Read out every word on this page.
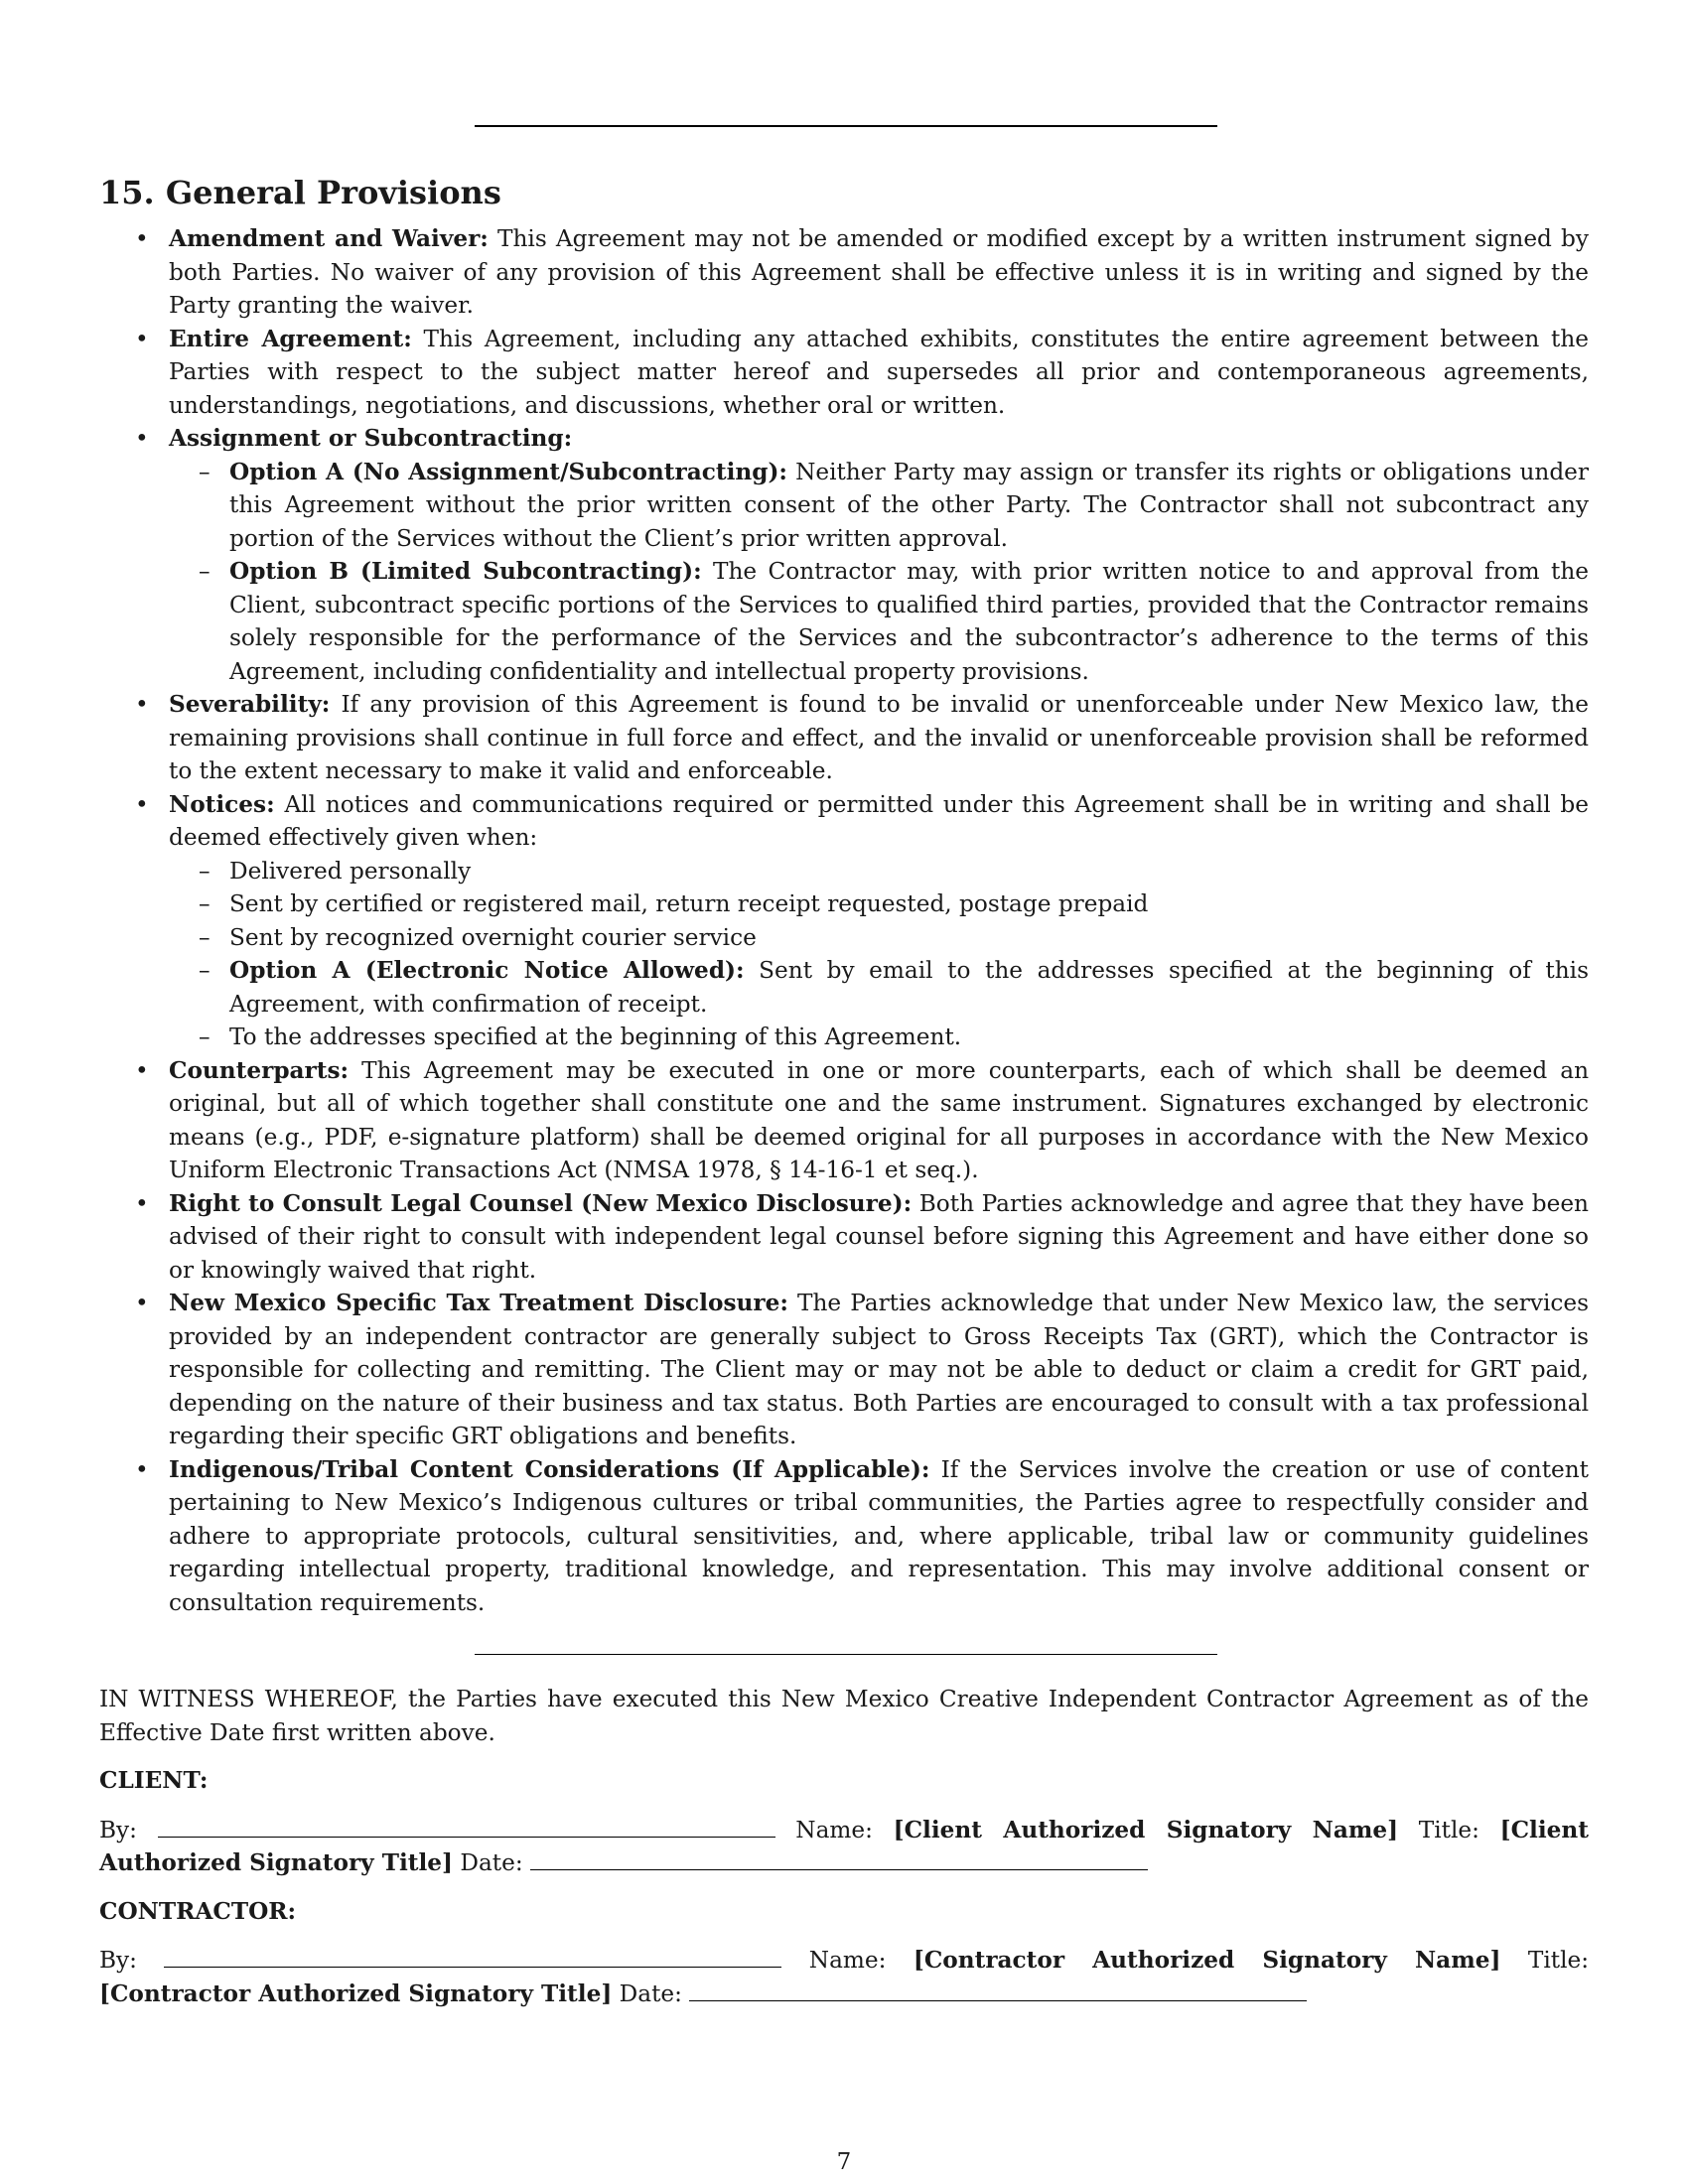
15. General Provisions
• Amendment and Waiver: This Agreement may not be amended or modified except by a written instrument signed by both Parties. No waiver of any provision of this Agreement shall be effective unless it is in writing and signed by the Party granting the waiver.
• Entire Agreement: This Agreement, including any attached exhibits, constitutes the entire agreement between the Parties with respect to the subject matter hereof and supersedes all prior and contemporaneous agreements, understandings, negotiations, and discussions, whether oral or written.
• Assignment or Subcontracting:
– Option A (No Assignment/Subcontracting): Neither Party may assign or transfer its rights or obligations under this Agreement without the prior written consent of the other Party. The Contractor shall not subcontract any portion of the Services without the Client’s prior written approval.
– Option B (Limited Subcontracting): The Contractor may, with prior written notice to and approval from the Client, subcontract specific portions of the Services to qualified third parties, provided that the Contractor remains solely responsible for the performance of the Services and the subcontractor’s adherence to the terms of this Agreement, including confidentiality and intellectual property provisions.
• Severability: If any provision of this Agreement is found to be invalid or unenforceable under New Mexico law, the remaining provisions shall continue in full force and effect, and the invalid or unenforceable provision shall be reformed to the extent necessary to make it valid and enforceable.
• Notices: All notices and communications required or permitted under this Agreement shall be in writing and shall be deemed effectively given when:
– Delivered personally
– Sent by certified or registered mail, return receipt requested, postage prepaid
– Sent by recognized overnight courier service
– Option A (Electronic Notice Allowed): Sent by email to the addresses specified at the beginning of this Agreement, with confirmation of receipt.
– To the addresses specified at the beginning of this Agreement.
• Counterparts: This Agreement may be executed in one or more counterparts, each of which shall be deemed an original, but all of which together shall constitute one and the same instrument. Signatures exchanged by electronic means (e.g., PDF, e-signature platform) shall be deemed original for all purposes in accordance with the New Mexico Uniform Electronic Transactions Act (NMSA 1978, § 14-16-1 et seq.).
• Right to Consult Legal Counsel (New Mexico Disclosure): Both Parties acknowledge and agree that they have been advised of their right to consult with independent legal counsel before signing this Agreement and have either done so or knowingly waived that right.
• New Mexico Specific Tax Treatment Disclosure: The Parties acknowledge that under New Mexico law, the services provided by an independent contractor are generally subject to Gross Receipts Tax (GRT), which the Contractor is responsible for collecting and remitting. The Client may or may not be able to deduct or claim a credit for GRT paid, depending on the nature of their business and tax status. Both Parties are encouraged to consult with a tax professional regarding their specific GRT obligations and benefits.
• Indigenous/Tribal Content Considerations (If Applicable): If the Services involve the creation or use of content pertaining to New Mexico’s Indigenous cultures or tribal communities, the Parties agree to respectfully consider and adhere to appropriate protocols, cultural sensitivities, and, where applicable, tribal law or community guidelines regarding intellectual property, traditional knowledge, and representation. This may involve additional consent or consultation requirements.

IN WITNESS WHEREOF, the Parties have executed this New Mexico Creative Independent Contractor Agreement as of the Effective Date first written above.

CLIENT:

By:	Name: [Client Authorized Signatory Name] Title: [Client Authorized Signatory Title] Date:

CONTRACTOR:

By:	Name: [Contractor Authorized Signatory Name] Title: [Contractor Authorized Signatory Title] Date:

7
